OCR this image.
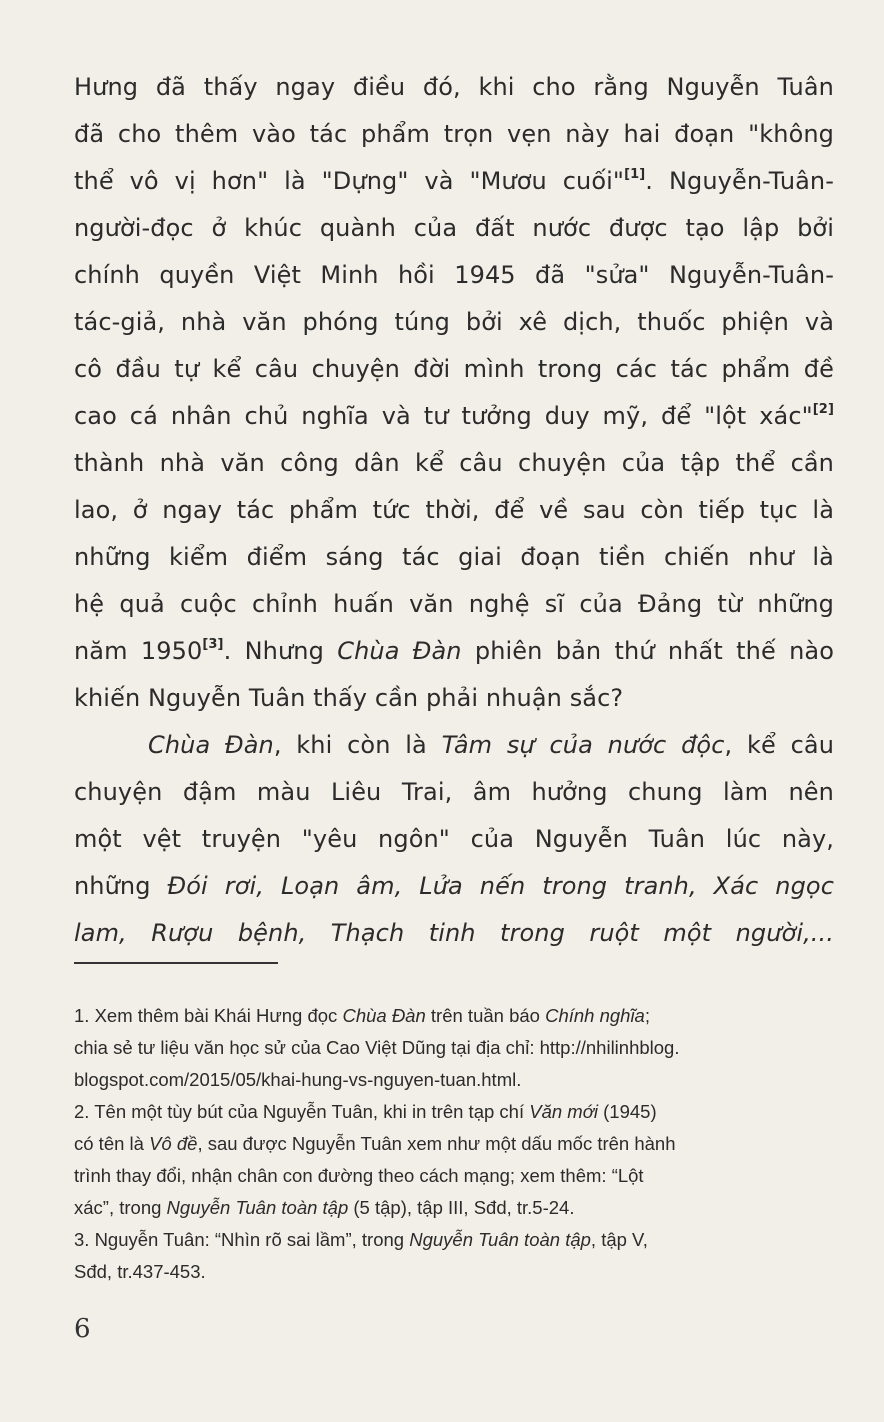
Hưng đã thấy ngay điều đó, khi cho rằng Nguyễn Tuân
đã cho thêm vào tác phẩm trọn vẹn này hai đoạn "không
thể vô vị hơn" là "Dựng" và "Mươu cuối"[1]. Nguyễn-Tuân-
người-đọc ở khúc quành của đất nước được tạo lập bởi
chính quyền Việt Minh hồi 1945 đã "sửa" Nguyễn-Tuân-
tác-giả, nhà văn phóng túng bởi xê dịch, thuốc phiện và
cô đầu tự kể câu chuyện đời mình trong các tác phẩm đề
cao cá nhân chủ nghĩa và tư tưởng duy mỹ, để "lột xác"[2]
thành nhà văn công dân kể câu chuyện của tập thể cần
lao, ở ngay tác phẩm tức thời, để về sau còn tiếp tục là
những kiểm điểm sáng tác giai đoạn tiền chiến như là
hệ quả cuộc chỉnh huấn văn nghệ sĩ của Đảng từ những
năm 1950[3]. Nhưng Chùa Đàn phiên bản thứ nhất thế nào
khiến Nguyễn Tuân thấy cần phải nhuận sắc?
Chùa Đàn, khi còn là Tâm sự của nước độc, kể câu
chuyện đậm màu Liêu Trai, âm hưởng chung làm nên
một vệt truyện "yêu ngôn" của Nguyễn Tuân lúc này,
những Đói rơi, Loạn âm, Lửa nến trong tranh, Xác ngọc
lam, Rượu bệnh, Thạch tinh trong ruột một người,...
1. Xem thêm bài Khái Hưng đọc Chùa Đàn trên tuần báo Chính nghĩa;
chia sẻ tư liệu văn học sử của Cao Việt Dũng tại địa chỉ: http://nhilinhblog.
blogspot.com/2015/05/khai-hung-vs-nguyen-tuan.html.
2. Tên một tùy bút của Nguyễn Tuân, khi in trên tạp chí Văn mới (1945)
có tên là Vô đề, sau được Nguyễn Tuân xem như một dấu mốc trên hành
trình thay đổi, nhận chân con đường theo cách mạng; xem thêm: “Lột
xác”, trong Nguyễn Tuân toàn tập (5 tập), tập III, Sđd, tr.5-24.
3. Nguyễn Tuân: “Nhìn rõ sai lầm”, trong Nguyễn Tuân toàn tập, tập V,
Sđd, tr.437-453.
6
